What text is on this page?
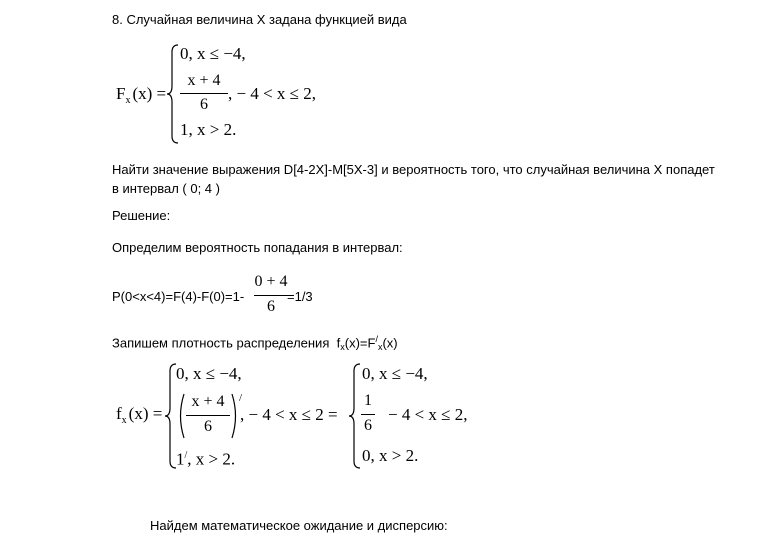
8. Случайная величина X задана функцией вида
$F_x$ (x) =
0, x ≤ −4,
x + 4
6
, − 4 < x ≤ 2,
1, x > 2.
Найти значение выражения D[4-2X]-M[5X-3] и вероятность того, что случайная величина X попадет
в интервал ( 0; 4 )
Решение:
Определим вероятность попадания в интервал:
P(0<x<4)=F(4)-F(0)=1-
0 + 4
6
=1/3
Запишем плотность распределения $f_x(x)=F^/_x(x)$
$f_x$ (x) =
0, x ≤ −4,
x + 4
6
/
, − 4 < x ≤ 2 =
1/, x > 2.
0, x ≤ −4,
1
6
− 4 < x ≤ 2,
0, x > 2.
Найдем математическое ожидание и дисперсию:
